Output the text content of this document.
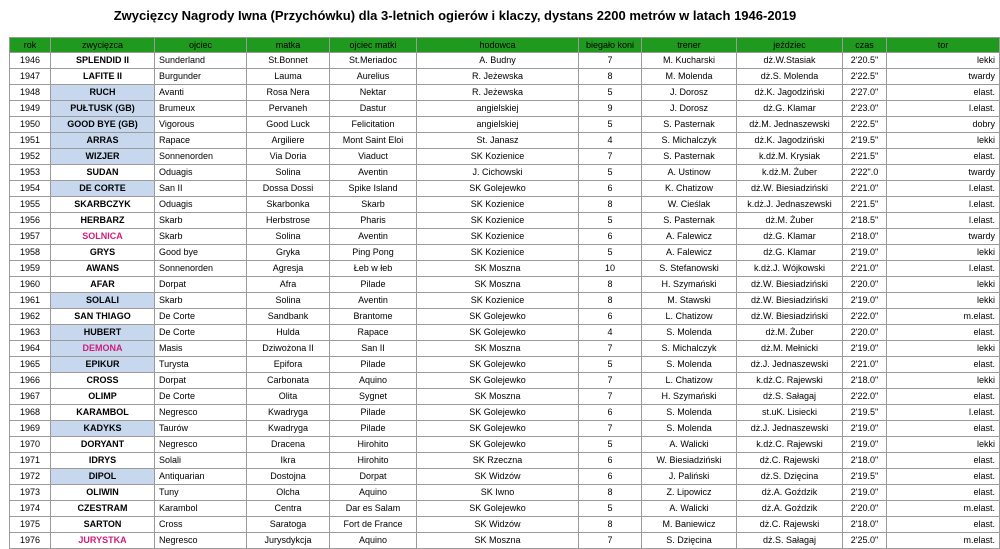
Zwycięzcy Nagrody Iwna (Przychówku) dla 3-letnich ogierów i klaczy, dystans 2200 metrów w latach 1946-2019
rok	zwycięzca	ojciec	matka	ojciec matki	hodowca	biegało koni	trener	jeździec	czas	tor
1946	SPLENDID II	Sunderland	St.Bonnet	St.Meriadoc	A. Budny	7	M. Kucharski	dż.W.Stasiak	2'20.5"	lekki
1947	LAFITE II	Burgunder	Lauma	Aurelius	R. Jeżewska	8	M. Molenda	dż.S. Molenda	2'22.5"	twardy
1948	RUCH	Avanti	Rosa Nera	Nektar	R. Jeżewska	5	J. Dorosz	dż.K. Jagodziński	2'27.0"	elast.
1949	PUŁTUSK (GB)	Brumeux	Pervaneh	Dastur	angielskiej	9	J. Dorosz	dż.G. Klamar	2'23.0"	l.elast.
1950	GOOD BYE (GB)	Vigorous	Good Luck	Felicitation	angielskiej	5	S. Pasternak	dż.M. Jednaszewski	2'22.5"	dobry
1951	ARRAS	Rapace	Argiliere	Mont Saint Eloi	St. Janasz	4	S. Michalczyk	dż.K. Jagodziński	2'19.5"	lekki
1952	WIZJER	Sonnenorden	Via Doria	Viaduct	SK Kozienice	7	S. Pasternak	k.dż.M. Krysiak	2'21.5"	elast.
1953	SUDAN	Oduagis	Solina	Aventin	J. Cichowski	5	A. Ustinow	k.dż.M. Żuber	2'22".0	twardy
1954	DE CORTE	San II	Dossa Dossi	Spike Island	SK Golejewko	6	K. Chatizow	dż.W. Biesiadziński	2'21.0"	l.elast.
1955	SKARBCZYK	Oduagis	Skarbonka	Skarb	SK Kozienice	8	W. Cieślak	k.dż.J. Jednaszewski	2'21.5"	l.elast.
1956	HERBARZ	Skarb	Herbstrose	Pharis	SK Kozienice	5	S. Pasternak	dż.M. Żuber	2'18.5"	l.elast.
1957	SOLNICA	Skarb	Solina	Aventin	SK Kozienice	6	A. Falewicz	dż.G. Klamar	2'18.0"	twardy
1958	GRYS	Good bye	Gryka	Ping Pong	SK Kozienice	5	A. Falewicz	dż.G. Klamar	2'19.0"	lekki
1959	AWANS	Sonnenorden	Agresja	Łeb w łeb	SK Moszna	10	S. Stefanowski	k.dż.J. Wójkowski	2'21.0"	l.elast.
1960	AFAR	Dorpat	Afra	Pilade	SK Moszna	8	H. Szymański	dż.W. Biesiadziński	2'20.0"	lekki
1961	SOLALI	Skarb	Solina	Aventin	SK Kozienice	8	M. Stawski	dż.W. Biesiadziński	2'19.0"	lekki
1962	SAN THIAGO	De Corte	Sandbank	Brantome	SK Golejewko	6	L. Chatizow	dż.W. Biesiadziński	2'22.0"	m.elast.
1963	HUBERT	De Corte	Hulda	Rapace	SK Golejewko	4	S. Molenda	dż.M. Żuber	2'20.0"	elast.
1964	DEMONA	Masis	Dziwożona II	San II	SK Moszna	7	S. Michalczyk	dż.M. Mełnicki	2'19.0"	lekki
1965	EPIKUR	Turysta	Epifora	Pilade	SK Golejewko	5	S. Molenda	dż.J. Jednaszewski	2'21.0"	elast.
1966	CROSS	Dorpat	Carbonata	Aquino	SK Golejewko	7	L. Chatizow	k.dż.C. Rajewski	2'18.0"	lekki
1967	OLIMP	De Corte	Olita	Sygnet	SK Moszna	7	H. Szymański	dż.S. Sałagaj	2'22.0"	elast.
1968	KARAMBOL	Negresco	Kwadryga	Pilade	SK Golejewko	6	S. Molenda	st.uK. Lisiecki	2'19.5"	l.elast.
1969	KADYKS	Taurów	Kwadryga	Pilade	SK Golejewko	7	S. Molenda	dż.J. Jednaszewski	2'19.0"	elast.
1970	DORYANT	Negresco	Dracena	Hirohito	SK Golejewko	5	A. Walicki	k.dż.C. Rajewski	2'19.0"	lekki
1971	IDRYS	Solali	Ikra	Hirohito	SK Rzeczna	6	W. Biesiadziński	dż.C. Rajewski	2'18.0"	elast.
1972	DIPOL	Antiquarian	Dostojna	Dorpat	SK Widzów	6	J. Paliński	dż.S. Dzięcina	2'19.5"	elast.
1973	OLIWIN	Tuny	Olcha	Aquino	SK Iwno	8	Z. Lipowicz	dż.A. Goździk	2'19.0"	elast.
1974	CZESTRAM	Karambol	Centra	Dar es Salam	SK Golejewko	5	A. Walicki	dż.A. Goździk	2'20.0"	m.elast.
1975	SARTON	Cross	Saratoga	Fort de France	SK Widzów	8	M. Baniewicz	dż.C. Rajewski	2'18.0"	elast.
1976	JURYSTKA	Negresco	Jurysdykcja	Aquino	SK Moszna	7	S. Dzięcina	dż.S. Sałagaj	2'25.0"	m.elast.
